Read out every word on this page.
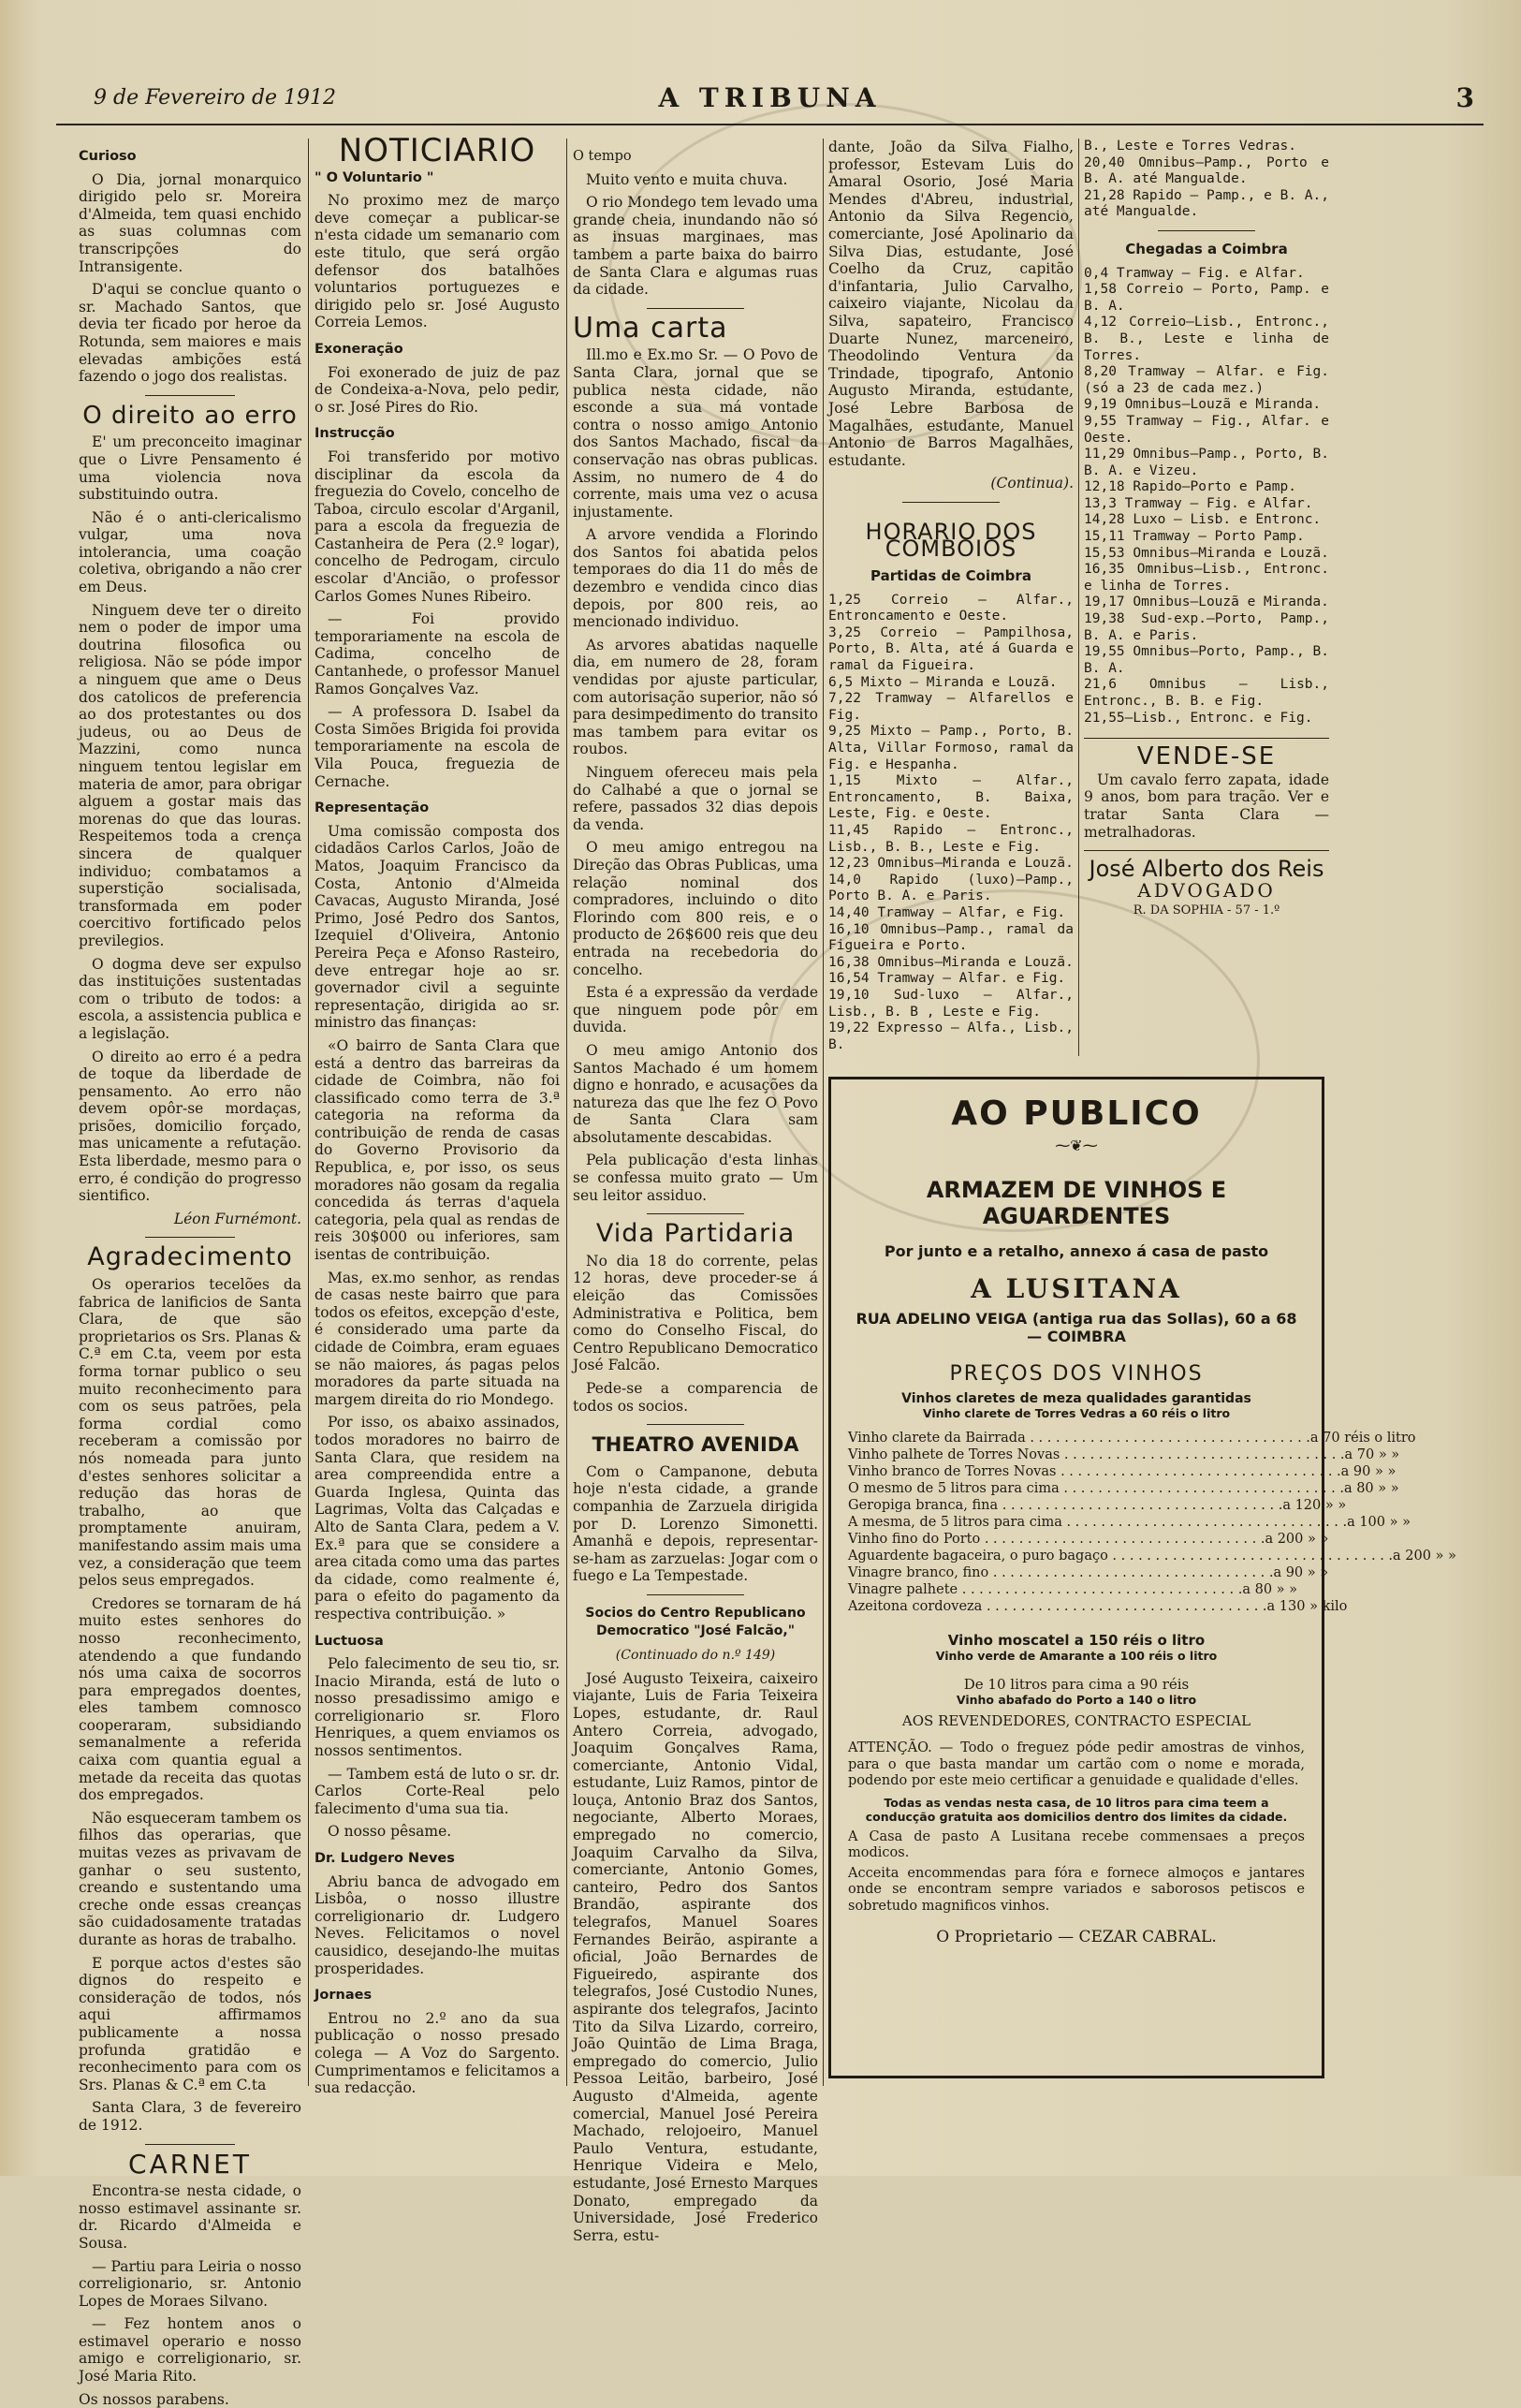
9 de Fevereiro de 1912	A TRIBUNA	3
Curioso

O Dia, jornal monarquico dirigido pelo sr. Moreira d'Almeida, tem quasi enchido as suas columnas com transcripções do Intransigente.

D'aqui se conclue quanto o sr. Machado Santos, que devia ter ficado por heroe da Rotunda, sem maiores e mais elevadas ambições está fazendo o jogo dos realistas.

O direito ao erro

E' um preconceito imaginar que o Livre Pensamento é uma violencia nova substituindo outra.

Não é o anti-clericalismo vulgar, uma nova intolerancia, uma coação coletiva, obrigando a não crer em Deus.

Ninguem deve ter o direito nem o poder de impor uma doutrina filosofica ou religiosa. Não se póde impor a ninguem que ame o Deus dos catolicos de preferencia ao dos protestantes ou dos judeus, ou ao Deus de Mazzini, como nunca ninguem tentou legislar em materia de amor, para obrigar alguem a gostar mais das morenas do que das louras. Respeitemos toda a crença sincera de qualquer individuo; combatamos a superstição socialisada, transformada em poder coercitivo fortificado pelos previlegios.

O dogma deve ser expulso das instituições sustentadas com o tributo de todos: a escola, a assistencia publica e a legislação.

O direito ao erro é a pedra de toque da liberdade de pensamento. Ao erro não devem opôr-se mordaças, prisões, domicilio forçado, mas unicamente a refutação. Esta liberdade, mesmo para o erro, é condição do progresso sientifico.

Léon Furnémont.
Agradecimento

Os operarios tecelões da fabrica de lanificios de Santa Clara, de que são proprietarios os Srs. Planas & C.ª em C.ta, veem por esta forma tornar publico o seu muito reconhecimento para com os seus patrões, pela forma cordial como receberam a comissão por nós nomeada para junto d'estes senhores solicitar a redução das horas de trabalho, ao que promptamente anuiram, manifestando assim mais uma vez, a consideração que teem pelos seus empregados.

Credores se tornaram de há muito estes senhores do nosso reconhecimento, atendendo a que fundando nós uma caixa de socorros para empregados doentes, eles tambem comnosco cooperaram, subsidiando semanalmente a referida caixa com quantia egual a metade da receita das quotas dos empregados.

Não esqueceram tambem os filhos das operarias, que muitas vezes as privavam de ganhar o seu sustento, creando e sustentando uma creche onde essas creanças são cuidadosamente tratadas durante as horas de trabalho.

E porque actos d'estes são dignos do respeito e consideração de todos, nós aqui affirmamos publicamente a nossa profunda gratidão e reconhecimento para com os Srs. Planas & C.ª em C.ta

Santa Clara, 3 de fevereiro de 1912.

CARNET

Encontra-se nesta cidade, o nosso estimavel assinante sr. dr. Ricardo d'Almeida e Sousa.

— Partiu para Leiria o nosso correligionario, sr. Antonio Lopes de Moraes Silvano.

— Fez hontem anos o estimavel operario e nosso amigo e correligionario, sr. José Maria Rito.

Os nossos parabens.

NOTICIARIO
" O Voluntario "

No proximo mez de março deve começar a publicar-se n'esta cidade um semanario com este titulo, que será orgão defensor dos batalhões voluntarios portuguezes e dirigido pelo sr. José Augusto Correia Lemos.

Exoneração

Foi exonerado de juiz de paz de Condeixa-a-Nova, pelo pedir, o sr. José Pires do Rio.

Instrucção

Foi transferido por motivo disciplinar da escola da freguezia do Covelo, concelho de Taboa, circulo escolar d'Arganil, para a escola da freguezia de Castanheira de Pera (2.º logar), concelho de Pedrogam, circulo escolar d'Ancião, o professor Carlos Gomes Nunes Ribeiro.

— Foi provido temporariamente na escola de Cadima, concelho de Cantanhede, o professor Manuel Ramos Gonçalves Vaz.

— A professora D. Isabel da Costa Simões Brigida foi provida temporariamente na escola de Vila Pouca, freguezia de Cernache.

Representação

Uma comissão composta dos cidadãos Carlos Carlos, João de Matos, Joaquim Francisco da Costa, Antonio d'Almeida Cavacas, Augusto Miranda, José Primo, José Pedro dos Santos, Izequiel d'Oliveira, Antonio Pereira Peça e Afonso Rasteiro, deve entregar hoje ao sr. governador civil a seguinte representação, dirigida ao sr. ministro das finanças:

«O bairro de Santa Clara que está a dentro das barreiras da cidade de Coimbra, não foi classificado como terra de 3.ª categoria na reforma da contribuição de renda de casas do Governo Provisorio da Republica, e, por isso, os seus moradores não gosam da regalia concedida ás terras d'aquela categoria, pela qual as rendas de reis 30$000 ou inferiores, sam isentas de contribuição.

Mas, ex.mo senhor, as rendas de casas neste bairro que para todos os efeitos, excepção d'este, é considerado uma parte da cidade de Coimbra, eram eguaes se não maiores, ás pagas pelos moradores da parte situada na margem direita do rio Mondego.

Por isso, os abaixo assinados, todos moradores no bairro de Santa Clara, que residem na area compreendida entre a Guarda Inglesa, Quinta das Lagrimas, Volta das Calçadas e Alto de Santa Clara, pedem a V. Ex.ª para que se considere a area citada como uma das partes da cidade, como realmente é, para o efeito do pagamento da respectiva contribuição. »

Luctuosa

Pelo falecimento de seu tio, sr. Inacio Miranda, está de luto o nosso presadissimo amigo e correligionario sr. Floro Henriques, a quem enviamos os nossos sentimentos.

— Tambem está de luto o sr. dr. Carlos Corte-Real pelo falecimento d'uma sua tia.

O nosso pêsame.

Dr. Ludgero Neves

Abriu banca de advogado em Lisbôa, o nosso illustre correligionario dr. Ludgero Neves. Felicitamos o novel causidico, desejando-lhe muitas prosperidades.

Jornaes

Entrou no 2.º ano da sua publicação o nosso presado colega — A Voz do Sargento. Cumprimentamos e felicitamos a sua redacção.

O tempo

Muito vento e muita chuva.

O rio Mondego tem levado uma grande cheia, inundando não só as insuas marginaes, mas tambem a parte baixa do bairro de Santa Clara e algumas ruas da cidade.

Uma carta

Ill.mo e Ex.mo Sr. — O Povo de Santa Clara, jornal que se publica nesta cidade, não esconde a sua má vontade contra o nosso amigo Antonio dos Santos Machado, fiscal da conservação nas obras publicas. Assim, no numero de 4 do corrente, mais uma vez o acusa injustamente.

A arvore vendida a Florindo dos Santos foi abatida pelos temporaes do dia 11 do mês de dezembro e vendida cinco dias depois, por 800 reis, ao mencionado individuo.

As arvores abatidas naquelle dia, em numero de 28, foram vendidas por ajuste particular, com autorisação superior, não só para desimpedimento do transito mas tambem para evitar os roubos.

Ninguem ofereceu mais pela do Calhabé a que o jornal se refere, passados 32 dias depois da venda.

O meu amigo entregou na Direção das Obras Publicas, uma relação nominal dos compradores, incluindo o dito Florindo com 800 reis, e o producto de 26$600 reis que deu entrada na recebedoria do concelho.

Esta é a expressão da verdade que ninguem pode pôr em duvida.

O meu amigo Antonio dos Santos Machado é um homem digno e honrado, e acusações da natureza das que lhe fez O Povo de Santa Clara sam absolutamente descabidas.

Pela publicação d'esta linhas se confessa muito grato — Um seu leitor assiduo.

Vida Partidaria

No dia 18 do corrente, pelas 12 horas, deve proceder-se á eleição das Comissões Administrativa e Politica, bem como do Conselho Fiscal, do Centro Republicano Democratico José Falcão.

Pede-se a comparencia de todos os socios.

THEATRO AVENIDA

Com o Campanone, debuta hoje n'esta cidade, a grande companhia de Zarzuela dirigida por D. Lorenzo Simonetti. Amanhã e depois, representar-se-ham as zarzuelas: Jogar com o fuego e La Tempestade.

Socios do Centro Republicano Democratico "José Falcão,"
(Continuado do n.º 149)

José Augusto Teixeira, caixeiro viajante, Luis de Faria Teixeira Lopes, estudante, dr. Raul Antero Correia, advogado, Joaquim Gonçalves Rama, comerciante, Antonio Vidal, estudante, Luiz Ramos, pintor de louça, Antonio Braz dos Santos, negociante, Alberto Moraes, empregado no comercio, Joaquim Carvalho da Silva, comerciante, Antonio Gomes, canteiro, Pedro dos Santos Brandão, aspirante dos telegrafos, Manuel Soares Fernandes Beirão, aspirante a oficial, João Bernardes de Figueiredo, aspirante dos telegrafos, José Custodio Nunes, aspirante dos telegrafos, Jacinto Tito da Silva Lizardo, correiro, João Quintão de Lima Braga, empregado do comercio, Julio Pessoa Leitão, barbeiro, José Augusto d'Almeida, agente comercial, Manuel José Pereira Machado, relojoeiro, Manuel Paulo Ventura, estudante, Henrique Videira e Melo, estudante, José Ernesto Marques Donato, empregado da Universidade, José Frederico Serra, estu-

dante, João da Silva Fialho, professor, Estevam Luis do Amaral Osorio, José Maria Mendes d'Abreu, industrial, Antonio da Silva Regencio, comerciante, José Apolinario da Silva Dias, estudante, José Coelho da Cruz, capitão d'infantaria, Julio Carvalho, caixeiro viajante, Nicolau da Silva, sapateiro, Francisco Duarte Nunez, marceneiro, Theodolindo Ventura da Trindade, tipografo, Antonio Augusto Miranda, estudante, José Lebre Barbosa de Magalhães, estudante, Manuel Antonio de Barros Magalhães, estudante.

(Continua).
HORARIO DOS COMBOIOS
Partidas de Coimbra
1,25 Correio — Alfar., Entroncamento e Oeste.
3,25 Correio — Pampilhosa, Porto, B. Alta, até á Guarda e ramal da Figueira.
6,5 Mixto — Miranda e Louzã.
7,22 Tramway — Alfarellos e Fig.
9,25 Mixto — Pamp., Porto, B. Alta, Villar Formoso, ramal da Fig. e Hespanha.
1,15 Mixto — Alfar., Entroncamento, B. Baixa, Leste, Fig. e Oeste.
11,45 Rapido — Entronc., Lisb., B. B., Leste e Fig.
12,23 Omnibus—Miranda e Louzã.
14,0 Rapido (luxo)—Pamp., Porto B. A. e Paris.
14,40 Tramway — Alfar, e Fig.
16,10 Omnibus—Pamp., ramal da Figueira e Porto.
16,38 Omnibus—Miranda e Louzã.
16,54 Tramway — Alfar. e Fig.
19,10 Sud-luxo — Alfar., Lisb., B. B , Leste e Fig.
19,22 Expresso — Alfa., Lisb., B.
B., Leste e Torres Vedras.
20,40 Omnibus—Pamp., Porto e B. A. até Mangualde.
21,28 Rapido — Pamp., e B. A., até Mangualde.
Chegadas a Coimbra
0,4 Tramway — Fig. e Alfar.
1,58 Correio — Porto, Pamp. e B. A.
4,12 Correio—Lisb., Entronc., B. B., Leste e linha de Torres.
8,20 Tramway — Alfar. e Fig. (só a 23 de cada mez.)
9,19 Omnibus—Louzã e Miranda.
9,55 Tramway — Fig., Alfar. e Oeste.
11,29 Omnibus—Pamp., Porto, B. B. A. e Vizeu.
12,18 Rapido—Porto e Pamp.
13,3 Tramway — Fig. e Alfar.
14,28 Luxo — Lisb. e Entronc.
15,11 Tramway — Porto Pamp.
15,53 Omnibus—Miranda e Louzã.
16,35 Omnibus—Lisb., Entronc. e linha de Torres.
19,17 Omnibus—Louzã e Miranda.
19,38 Sud-exp.—Porto, Pamp., B. A. e Paris.
19,55 Omnibus—Porto, Pamp., B. B. A.
21,6 Omnibus — Lisb., Entronc., B. B. e Fig.
21,55—Lisb., Entronc. e Fig.
VENDE-SE

Um cavalo ferro zapata, idade 9 anos, bom para tração. Ver e tratar Santa Clara — metralhadoras.

José Alberto dos Reis
ADVOGADO
R. DA SOPHIA - 57 - 1.º
AO PUBLICO
⁓❦⁓
ARMAZEM DE VINHOS E AGUARDENTES
Por junto e a retalho, annexo á casa de pasto
A LUSITANA
RUA ADELINO VEIGA (antiga rua das Sollas), 60 a 68 — COIMBRA
PREÇOS DOS VINHOS
Vinhos claretes de meza qualidades garantidas
Vinho clarete de Torres Vedras a 60 réis o litro
Vinho clarete da Bairrada . . .	a 70 réis o litro
Vinho palhete de Torres Novas . . .	a 70 » »
Vinho branco de Torres Novas . . .	a 90 » »
O mesmo de 5 litros para cima . . .	a 80 » »
Geropiga branca, fina . . .	a 120 » »
A mesma, de 5 litros para cima . . .	a 100 » »
Vinho fino do Porto . . .	a 200 » »
Aguardente bagaceira, o puro bagaço . . .	a 200 » »
Vinagre branco, fino . . .	a 90 » »
Vinagre palhete . . .	a 80 » »
Azeitona cordoveza . . .	a 130 » kilo
Vinho moscatel a 150 réis o litro
Vinho verde de Amarante a 100 réis o litro
De 10 litros para cima a 90 réis
Vinho abafado do Porto a 140 o litro
AOS REVENDEDORES, CONTRACTO ESPECIAL
ATTENÇÃO. — Todo o freguez póde pedir amostras de vinhos, para o que basta mandar um cartão com o nome e morada, podendo por este meio certificar a genuidade e qualidade d'elles.
Todas as vendas nesta casa, de 10 litros para cima teem a conducção gratuita aos domicilios dentro dos limites da cidade.
A Casa de pasto A Lusitana recebe commensaes a preços modicos.
Acceita encommendas para fóra e fornece almoços e jantares onde se encontram sempre variados e saborosos petiscos e sobretudo magnificos vinhos.
O Proprietario — CEZAR CABRAL.
